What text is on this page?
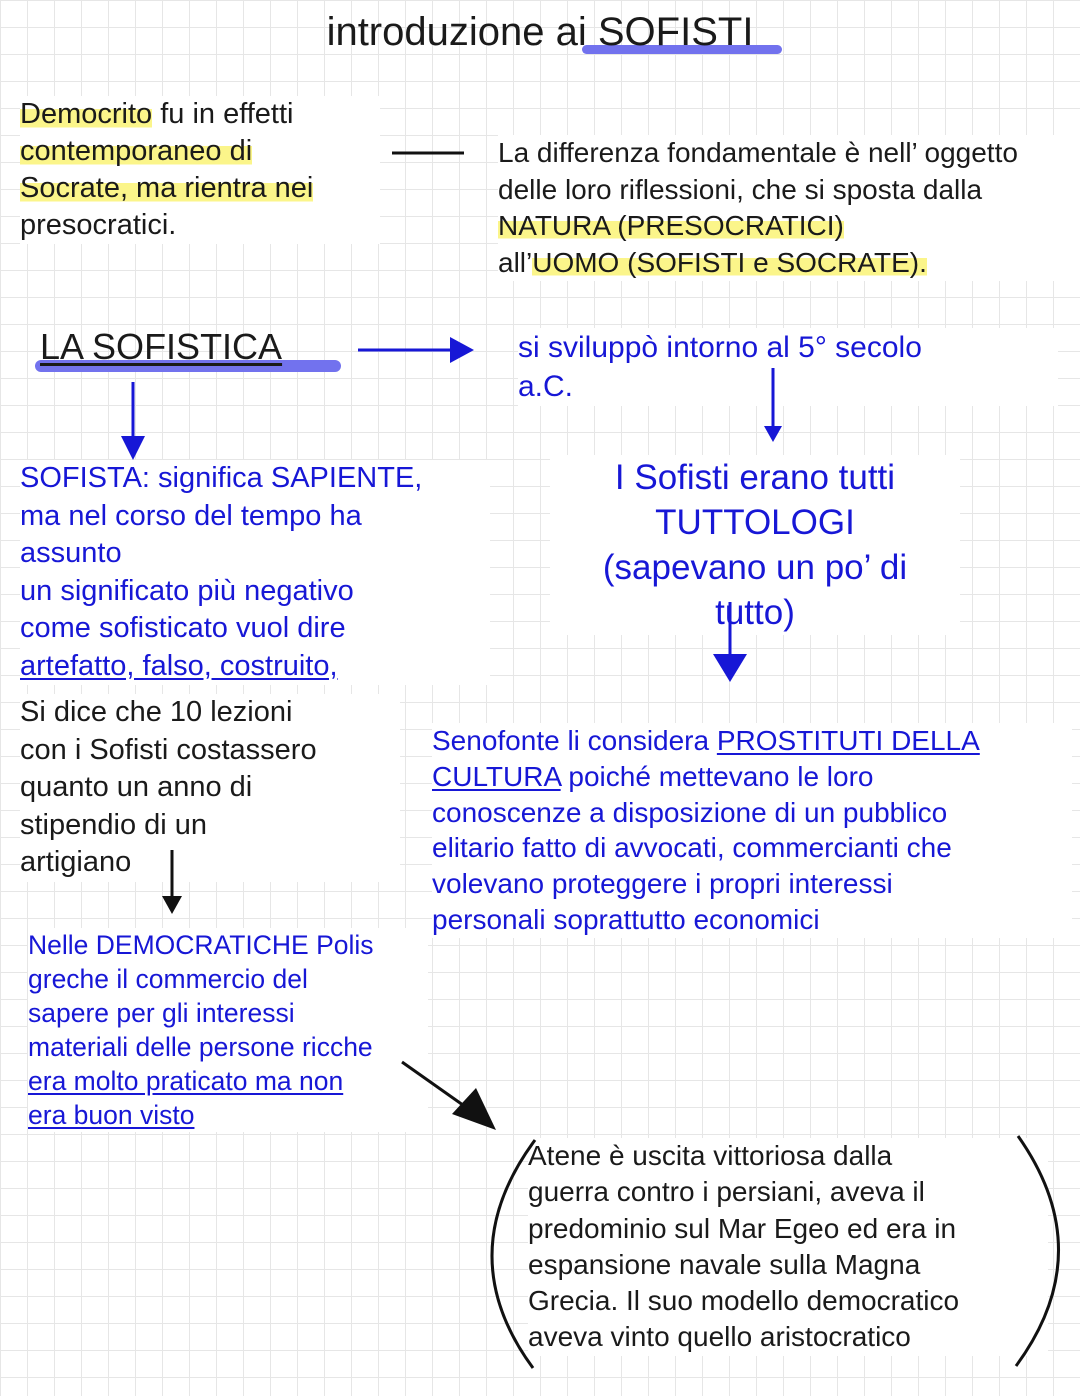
introduzione ai SOFISTI
Democrito fu in effetti
contemporaneo di
Socrate, ma rientra nei
presocratici.
La differenza fondamentale è nell’ oggetto
delle loro riflessioni, che si sposta dalla
NATURA (PRESOCRATICI)
all’UOMO (SOFISTI e SOCRATE).
LA SOFISTICA	si sviluppò intorno al 5° secolo
a.C.
SOFISTA: significa SAPIENTE,
ma nel corso del tempo ha
assunto
un significato più negativo
come sofisticato vuol dire
artefatto, falso, costruito,
I Sofisti erano tutti
TUTTOLOGI
(sapevano un po’ di
tutto)
Si dice che 10 lezioni
con i Sofisti costassero
quanto un anno di
stipendio di un
artigiano
Senofonte li considera PROSTITUTI DELLA
CULTURA poiché mettevano le loro
conoscenze a disposizione di un pubblico
elitario fatto di avvocati, commercianti che
volevano proteggere i propri interessi
personali soprattutto economici
Nelle DEMOCRATICHE Polis
greche il commercio del
sapere per gli interessi
materiali delle persone ricche
era molto praticato ma non
era buon visto
Atene è uscita vittoriosa dalla
guerra contro i persiani, aveva il
predominio sul Mar Egeo ed era in
espansione navale sulla Magna
Grecia. Il suo modello democratico
aveva vinto quello aristocratico
